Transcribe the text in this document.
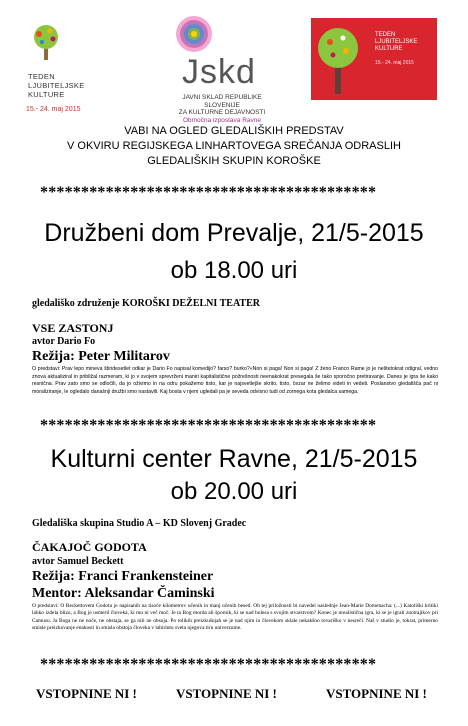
TEDEN
LJUBITELJSKE
KULTURE
15.- 24. maj 2015
Jskd
JAVNI SKLAD REPUBLIKE SLOVENIJE
ZA KULTURNE DEJAVNOSTI
Območna izpostava Ravne
TEDEN
LJUBITELJSKE
KULTURE
15.- 24. maj 2015
VABI NA OGLED GLEDALIŠKIH PREDSTAV
V OKVIRU REGIJSKEGA LINHARTOVEGA SREČANJA ODRASLIH
GLEDALIŠKIH SKUPIN KOROŠKE
*****************************************
Družbeni dom Prevalje, 21/5-2015
ob 18.00 uri
gledališko združenje KOROŠKI DEŽELNI TEATER
VSE ZASTONJ
avtor Dario Fo
Režija: Peter Militarov
O predstavi: Prav lepo mineva štiridesetlet odkar je Dario Fo napisal komedijo? farso? burko?«Non si paga! Non si paga! Z ženo Franco Rame jo je neštetokrat odigral, vedno znova aktualiziral in približal razmeram, ki jo v svojem sprevrženi maniri kapitalistične požrešnosti neenakokrat presegala še tako sporočno pretiravanje. Danes je igra še kako resnična. Prav zato smo se odločili, da jo oživimo in na odru pokažemo tisto, kar je najsvetlejše skrito, tisto, čezar ne želimo videti in vedeti. Poslanstvo gledališča pač ni moraliziranje, le ogledalo današnji družbi smo nastavili. Kaj bosta v njem ugledali pa je seveda odvisno tudi od zornega kota gledalca samega.
*****************************************
Kulturni center Ravne, 21/5-2015
ob 20.00 uri
Gledališka skupina Studio A – KD Slovenj Gradec
ČAKAJOČ GODOTA
avtor Samuel Beckett
Režija: Franci Frankensteiner
Mentor: Aleksandar Čaminski
O predstavi: O Beckettovem Godotu je napisanih na tisoče kilometrov učenih in manj učenih besed. Ob tej priložnosti bi navedel naslednje Jean-Marie Domenacha: (...) Katoliški kritiki lahko izdela blizu, a Bog je usmeril človeka, ki mu ni več moč. Je ta Bog morda ali špornik, ki se nad bolesa s svojim stvarstvom? Konec je nrealistična igra, ki se je igrali znotrajikov pri Camusu. Ja Boga ne ne noče, ne obstaja, se ga niti ne obsoja. Po tolikih preizkušnjah se je nad njim in človekom sklale nekakšno tovariško v nesreči. Naš v studio je, tokrat, primerno smisle preizkovanje enakosti in smisla obstoja človeka v labirintu sveta njegova tiru univerzume.
*****************************************
VSTOPNINE NI !	VSTOPNINE NI !	VSTOPNINE NI !
